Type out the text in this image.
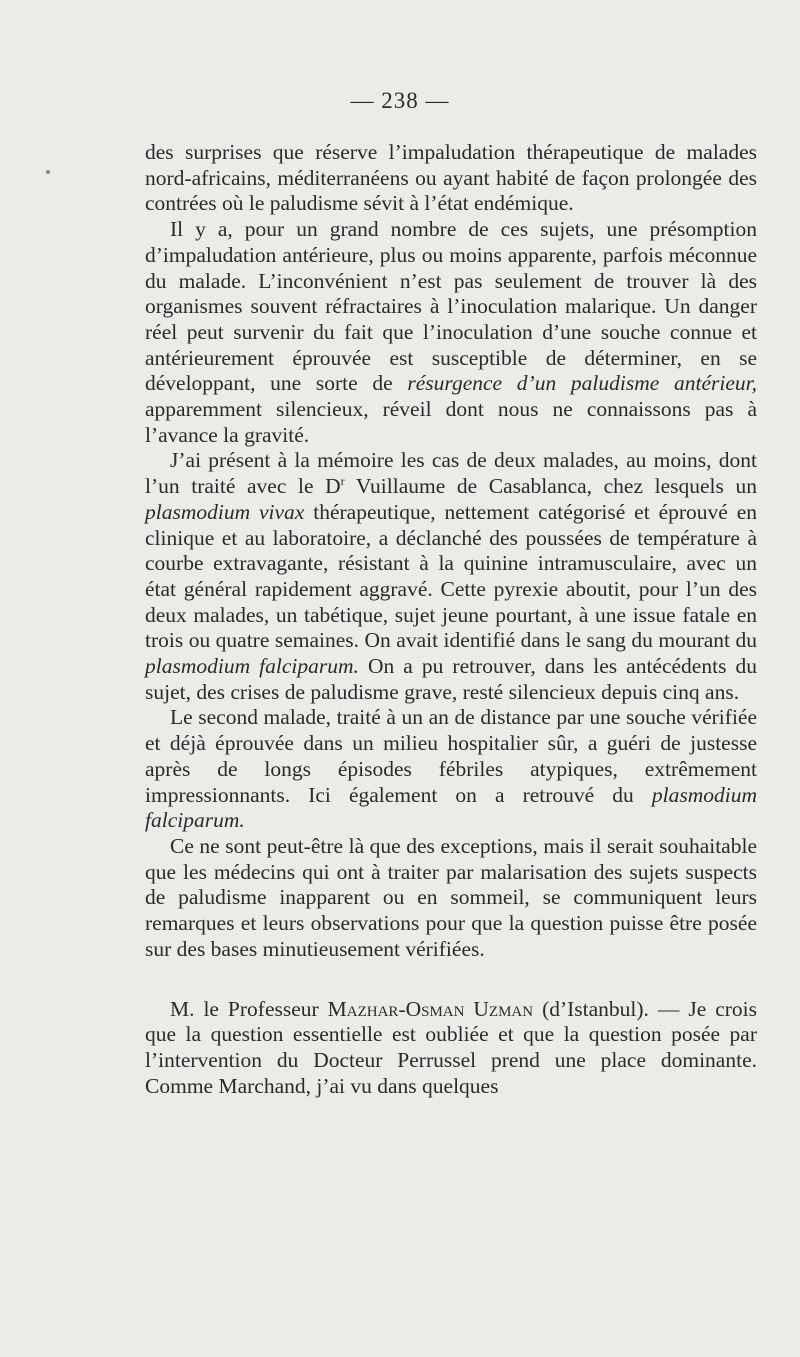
— 238 —

des surprises que réserve l’impaludation thérapeutique de malades nord-africains, méditerranéens ou ayant habité de façon prolongée des contrées où le paludisme sévit à l’état endémique.

Il y a, pour un grand nombre de ces sujets, une présomption d’impaludation antérieure, plus ou moins apparente, parfois méconnue du malade. L’inconvénient n’est pas seulement de trouver là des organismes souvent réfractaires à l’inoculation malarique. Un danger réel peut survenir du fait que l’inoculation d’une souche connue et antérieurement éprouvée est susceptible de déterminer, en se développant, une sorte de résurgence d’un paludisme antérieur, apparemment silencieux, réveil dont nous ne connaissons pas à l’avance la gravité.

J’ai présent à la mémoire les cas de deux malades, au moins, dont l’un traité avec le $D^r$ Vuillaume de Casablanca, chez lesquels un plasmodium vivax thérapeutique, nettement catégorisé et éprouvé en clinique et au laboratoire, a déclanché des poussées de température à courbe extravagante, résistant à la quinine intramusculaire, avec un état général rapidement aggravé. Cette pyrexie aboutit, pour l’un des deux malades, un tabétique, sujet jeune pourtant, à une issue fatale en trois ou quatre semaines. On avait identifié dans le sang du mourant du plasmodium falciparum. On a pu retrouver, dans les antécédents du sujet, des crises de paludisme grave, resté silencieux depuis cinq ans.

Le second malade, traité à un an de distance par une souche vérifiée et déjà éprouvée dans un milieu hospitalier sûr, a guéri de justesse après de longs épisodes fébriles atypiques, extrêmement impressionnants. Ici également on a retrouvé du plasmodium falciparum.

Ce ne sont peut-être là que des exceptions, mais il serait souhaitable que les médecins qui ont à traiter par malarisation des sujets suspects de paludisme inapparent ou en sommeil, se communiquent leurs remarques et leurs observations pour que la question puisse être posée sur des bases minutieusement vérifiées.

M. le Professeur Mazhar-Osman Uzman (d’Istanbul). — Je crois que la question essentielle est oubliée et que la question posée par l’intervention du Docteur Perrussel prend une place dominante. Comme Marchand, j’ai vu dans quelques
